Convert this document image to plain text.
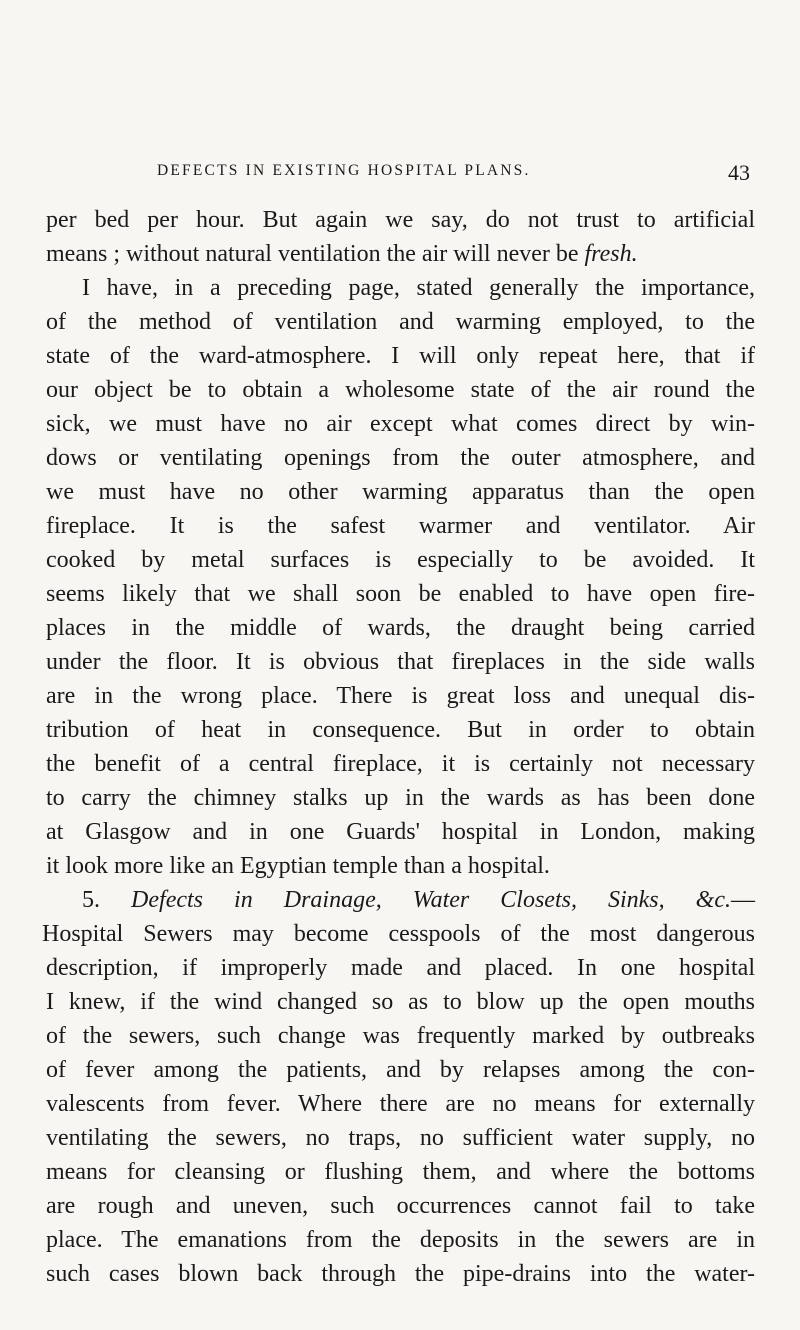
DEFECTS IN EXISTING HOSPITAL PLANS.	43
per bed per hour. But again we say, do not trust to artificial
means ; without natural ventilation the air will never be fresh.
I have, in a preceding page, stated generally the importance,
of the method of ventilation and warming employed, to the
state of the ward-atmosphere. I will only repeat here, that if
our object be to obtain a wholesome state of the air round the
sick, we must have no air except what comes direct by win-
dows or ventilating openings from the outer atmosphere, and
we must have no other warming apparatus than the open
fireplace. It is the safest warmer and ventilator. Air
cooked by metal surfaces is especially to be avoided. It
seems likely that we shall soon be enabled to have open fire-
places in the middle of wards, the draught being carried
under the floor. It is obvious that fireplaces in the side walls
are in the wrong place. There is great loss and unequal dis-
tribution of heat in consequence. But in order to obtain
the benefit of a central fireplace, it is certainly not necessary
to carry the chimney stalks up in the wards as has been done
at Glasgow and in one Guards' hospital in London, making
it look more like an Egyptian temple than a hospital.
5. Defects in Drainage, Water Closets, Sinks, &c.—
Hospital Sewers may become cesspools of the most dangerous
description, if improperly made and placed. In one hospital
I knew, if the wind changed so as to blow up the open mouths
of the sewers, such change was frequently marked by outbreaks
of fever among the patients, and by relapses among the con-
valescents from fever. Where there are no means for externally
ventilating the sewers, no traps, no sufficient water supply, no
means for cleansing or flushing them, and where the bottoms
are rough and uneven, such occurrences cannot fail to take
place. The emanations from the deposits in the sewers are in
such cases blown back through the pipe-drains into the water-
